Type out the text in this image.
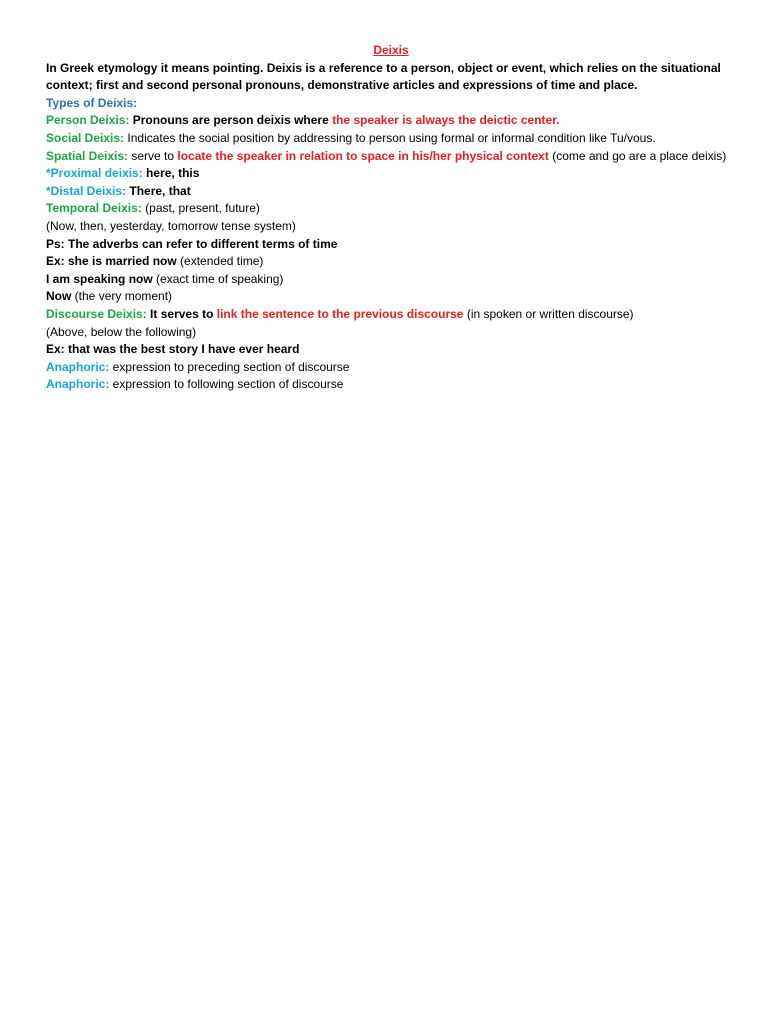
Deixis

In Greek etymology it means pointing. Deixis is a reference to a person, object or event, which relies on the situational context; first and second personal pronouns, demonstrative articles and expressions of time and place.

Types of Deixis:

Person Deixis: Pronouns are person deixis where the speaker is always the deictic center.

Social Deixis: Indicates the social position by addressing to person using formal or informal condition like Tu/vous.

Spatial Deixis: serve to locate the speaker in relation to space in his/her physical context (come and go are a place deixis)

*Proximal deixis: here, this

*Distal Deixis: There, that

Temporal Deixis: (past, present, future)

(Now, then, yesterday, tomorrow tense system)

Ps: The adverbs can refer to different terms of time

Ex: she is married now (extended time)

I am speaking now (exact time of speaking)

Now (the very moment)

Discourse Deixis: It serves to link the sentence to the previous discourse (in spoken or written discourse)

(Above, below the following)

Ex: that was the best story I have ever heard

Anaphoric: expression to preceding section of discourse

Anaphoric: expression to following section of discourse
